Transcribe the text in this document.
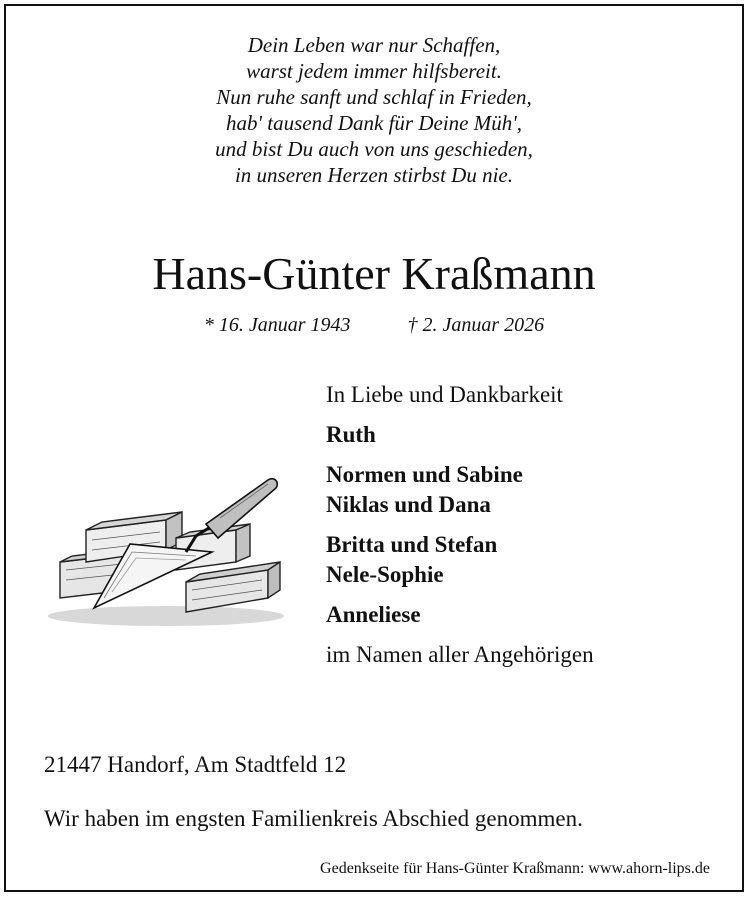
Dein Leben war nur Schaffen,
warst jedem immer hilfsbereit.
Nun ruhe sanft und schlaf in Frieden,
hab' tausend Dank für Deine Müh',
und bist Du auch von uns geschieden,
in unseren Herzen stirbst Du nie.
Hans-Günter Kraßmann
* 16. Januar 1943	† 2. Januar 2026
In Liebe und Dankbarkeit
Ruth
Normen und Sabine
Niklas und Dana
Britta und Stefan
Nele-Sophie
Anneliese
im Namen aller Angehörigen
21447 Handorf, Am Stadtfeld 12
Wir haben im engsten Familienkreis Abschied genommen.
Gedenkseite für Hans-Günter Kraßmann: www.ahorn-lips.de
